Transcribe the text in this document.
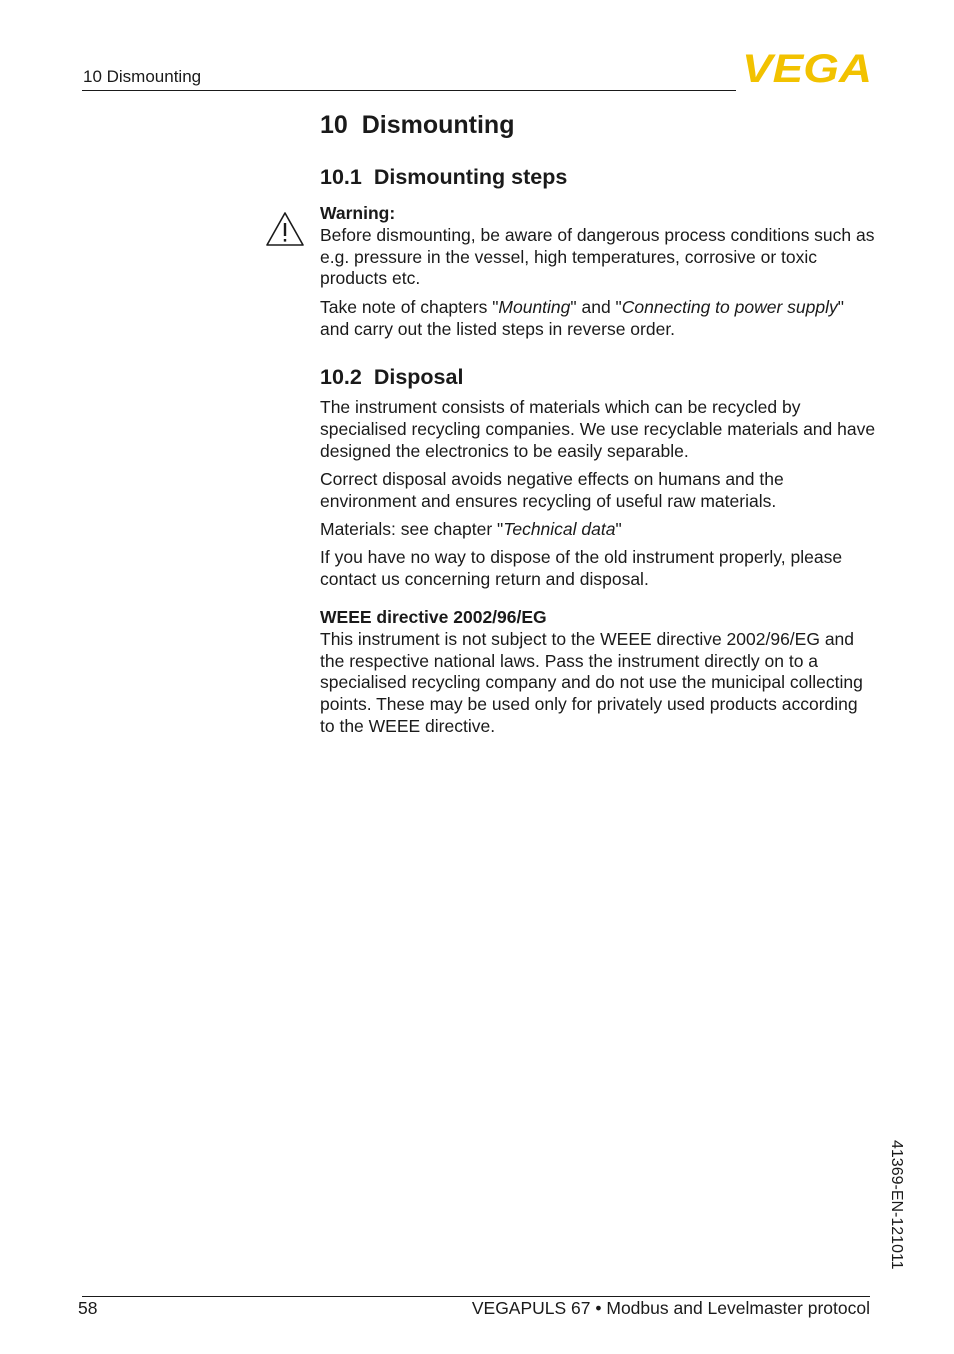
10 Dismounting	VEGA
10 Dismounting
10.1 Dismounting steps

Warning:

Before dismounting, be aware of dangerous process conditions such as e.g. pressure in the vessel, high temperatures, corrosive or toxic products etc.

Take note of chapters "Mounting" and "Connecting to power supply" and carry out the listed steps in reverse order.

10.2 Disposal

The instrument consists of materials which can be recycled by specialised recycling companies. We use recyclable materials and have designed the electronics to be easily separable.

Correct disposal avoids negative effects on humans and the environment and ensures recycling of useful raw materials.

Materials: see chapter "Technical data"

If you have no way to dispose of the old instrument properly, please contact us concerning return and disposal.

WEEE directive 2002/96/EG

This instrument is not subject to the WEEE directive 2002/96/EG and the respective national laws. Pass the instrument directly on to a specialised recycling company and do not use the municipal collecting points. These may be used only for privately used products according to the WEEE directive.

41369-EN-121011
58	VEGAPULS 67 • Modbus and Levelmaster protocol
